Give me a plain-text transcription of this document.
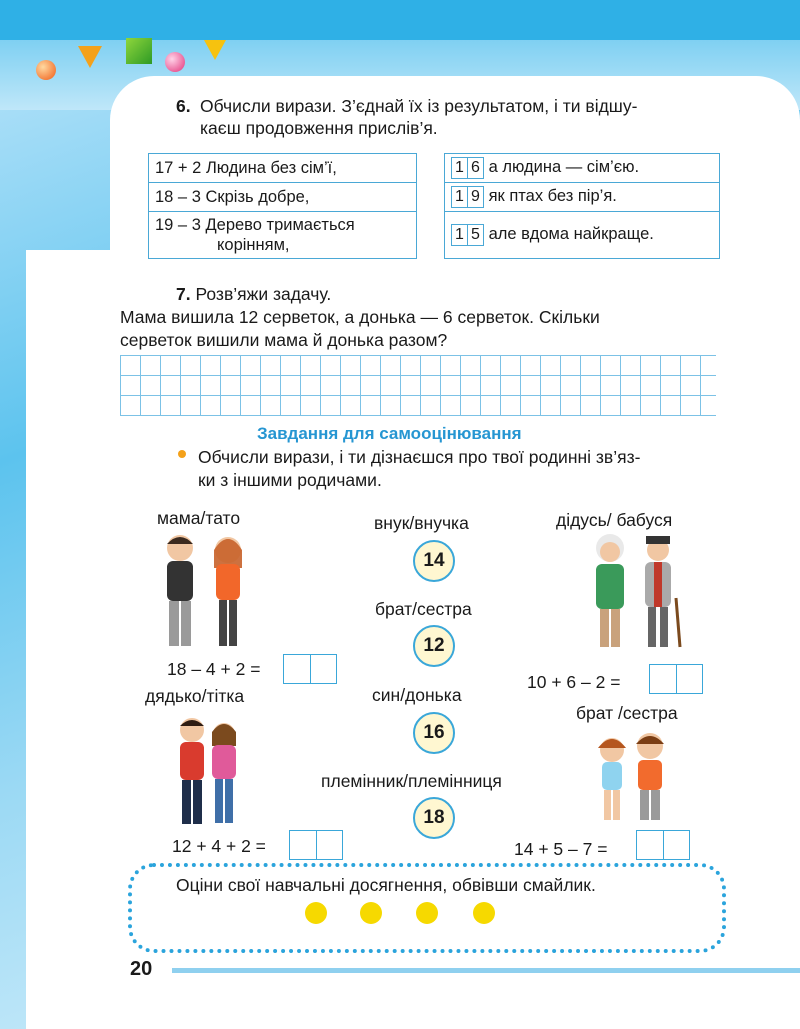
6. Обчисли вирази. З’єднай їх із результатом, і ти відшу-
каєш продовження прислів’я.
17 + 2 Людина без сім’ї,
18 – 3 Скрізь добре,
19 – 3 Дерево тримається
корінням,
1 6 а людина — сім’єю.
1 9 як птах без пір’я.
1 5 але вдома найкраще.
7. Розв’яжи задачу.
Мама вишила 12 серветок, а донька — 6 серветок. Скільки
серветок вишили мама й донька разом?
Завдання для самооцінювання
Обчисли вирази, і ти дізнаєшся про твої родинні зв’яз-
ки з іншими родичами.
мама/тато	внук/внучка	дідусь/ бабуся
брат/сестра
дядько/тітка	син/донька
брат /сестра
племінник/племінниця
14
12
16
18
18 – 4 + 2 =
10 + 6 – 2 =
12 + 4 + 2 =	14 + 5 – 7 =
Оціни свої навчальні досягнення, обвівши смайлик.
20
